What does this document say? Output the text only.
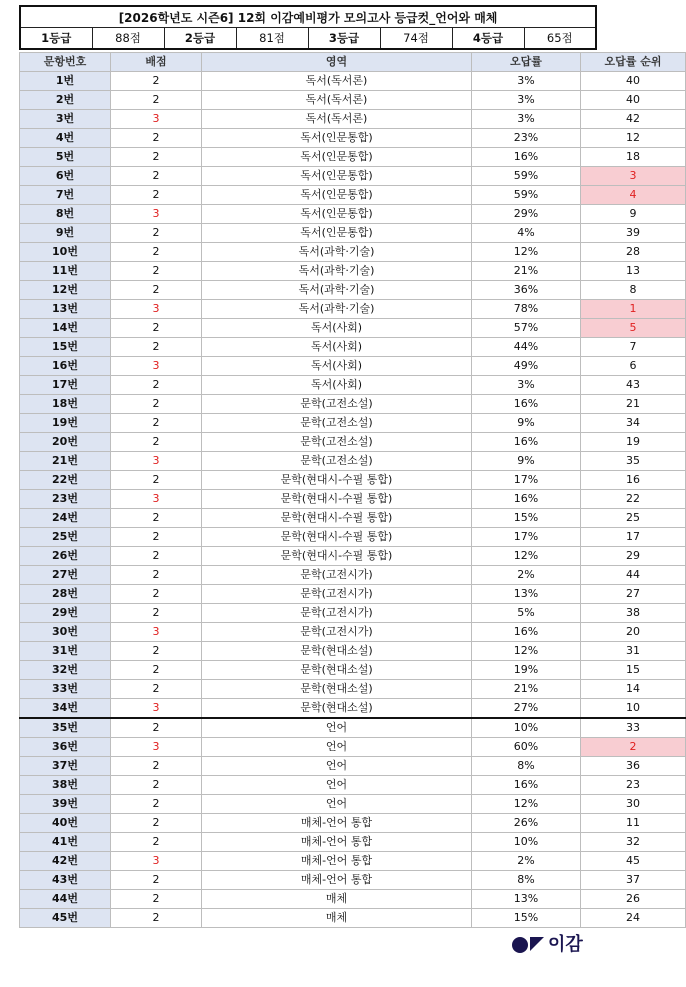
[2026학년도 시즌6] 12회 이감예비평가 모의고사 등급컷_언어와 매체
1등급	88점	2등급	81점	3등급	74점	4등급	65점
문항번호	배점	영역	오답률	오답률 순위
1번	2	독서(독서론)	3%	40
2번	2	독서(독서론)	3%	40
3번	3	독서(독서론)	3%	42
4번	2	독서(인문통합)	23%	12
5번	2	독서(인문통합)	16%	18
6번	2	독서(인문통합)	59%	3
7번	2	독서(인문통합)	59%	4
8번	3	독서(인문통합)	29%	9
9번	2	독서(인문통합)	4%	39
10번	2	독서(과학·기술)	12%	28
11번	2	독서(과학·기술)	21%	13
12번	2	독서(과학·기술)	36%	8
13번	3	독서(과학·기술)	78%	1
14번	2	독서(사회)	57%	5
15번	2	독서(사회)	44%	7
16번	3	독서(사회)	49%	6
17번	2	독서(사회)	3%	43
18번	2	문학(고전소설)	16%	21
19번	2	문학(고전소설)	9%	34
20번	2	문학(고전소설)	16%	19
21번	3	문학(고전소설)	9%	35
22번	2	문학(현대시-수필 통합)	17%	16
23번	3	문학(현대시-수필 통합)	16%	22
24번	2	문학(현대시-수필 통합)	15%	25
25번	2	문학(현대시-수필 통합)	17%	17
26번	2	문학(현대시-수필 통합)	12%	29
27번	2	문학(고전시가)	2%	44
28번	2	문학(고전시가)	13%	27
29번	2	문학(고전시가)	5%	38
30번	3	문학(고전시가)	16%	20
31번	2	문학(현대소설)	12%	31
32번	2	문학(현대소설)	19%	15
33번	2	문학(현대소설)	21%	14
34번	3	문학(현대소설)	27%	10
35번	2	언어	10%	33
36번	3	언어	60%	2
37번	2	언어	8%	36
38번	2	언어	16%	23
39번	2	언어	12%	30
40번	2	매체-언어 통합	26%	11
41번	2	매체-언어 통합	10%	32
42번	3	매체-언어 통합	2%	45
43번	2	매체-언어 통합	8%	37
44번	2	매체	13%	26
45번	2	매체	15%	24
이감
